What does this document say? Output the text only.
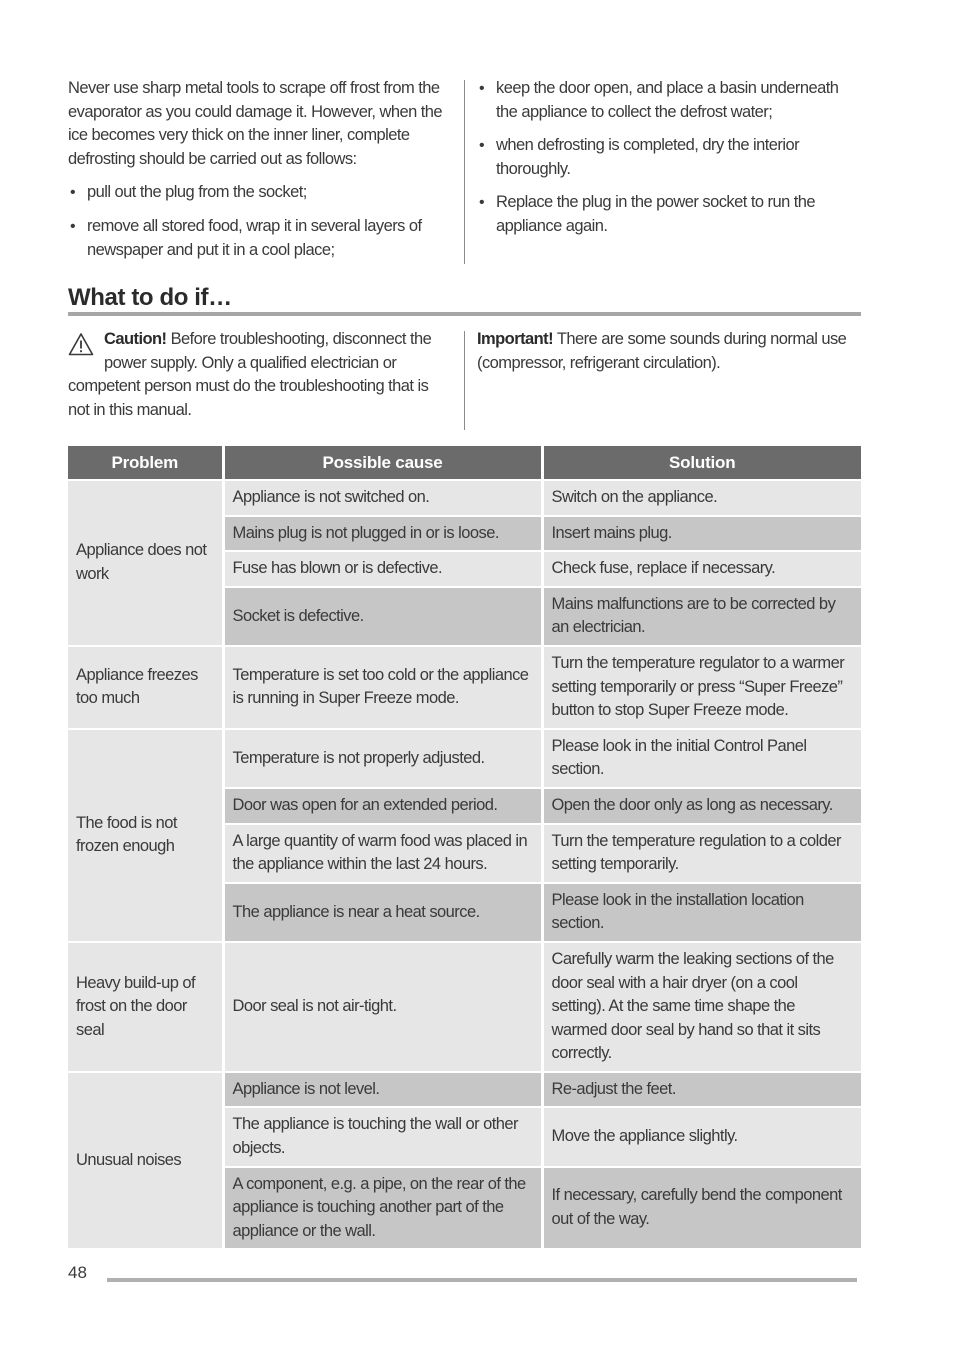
Never use sharp metal tools to scrape off frost from the evaporator as you could damage it. However, when the ice becomes very thick on the inner liner, complete defrosting should be carried out as follows:

• pull out the plug from the socket;
• remove all stored food, wrap it in several layers of newspaper and put it in a cool place;
• keep the door open, and place a basin underneath the appliance to collect the defrost water;
• when defrosting is completed, dry the interior thoroughly.
• Replace the plug in the power socket to run the appliance again.
What to do if…

Caution! Before troubleshooting, disconnect the
power supply. Only a qualified electrician or

competent person must do the troubleshooting that is not in this manual.

Important! There are some sounds during normal use (compressor, refrigerant circulation).

Problem	Possible cause	Solution
Appliance does not work	Appliance is not switched on.	Switch on the appliance.
	Mains plug is not plugged in or is loose.	Insert mains plug.
	Fuse has blown or is defective.	Check fuse, replace if necessary.
	Socket is defective.	Mains malfunctions are to be corrected by an electrician.
Appliance freezes too much	Temperature is set too cold or the appliance is running in Super Freeze mode.	Turn the temperature regulator to a warmer setting temporarily or press “Super Freeze” button to stop Super Freeze mode.
The food is not frozen enough	Temperature is not properly adjusted.	Please look in the initial Control Panel section.
	Door was open for an extended period.	Open the door only as long as necessary.
	A large quantity of warm food was placed in the appliance within the last 24 hours.	Turn the temperature regulation to a colder setting temporarily.
	The appliance is near a heat source.	Please look in the installation location section.
Heavy build-up of frost on the door seal	Door seal is not air-tight.	Carefully warm the leaking sections of the door seal with a hair dryer (on a cool setting). At the same time shape the warmed door seal by hand so that it sits correctly.
Unusual noises	Appliance is not level.	Re-adjust the feet.
	The appliance is touching the wall or other objects.	Move the appliance slightly.
	A component, e.g. a pipe, on the rear of the appliance is touching another part of the appliance or the wall.	If necessary, carefully bend the component out of the way.
48
